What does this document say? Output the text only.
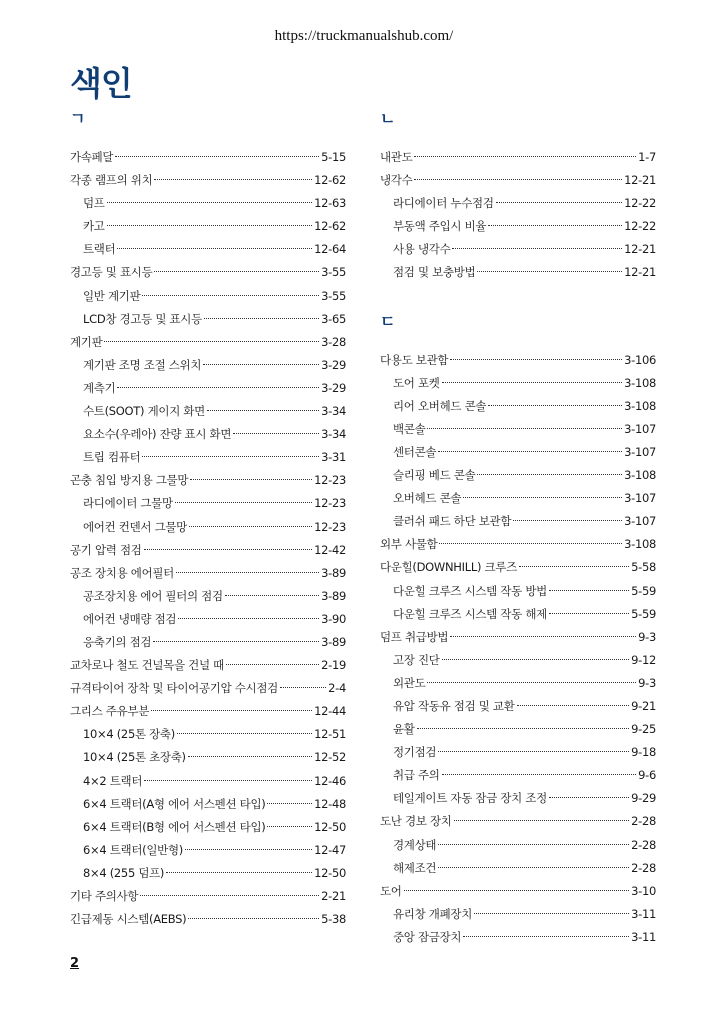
https://truckmanualshub.com/
색인
ㄱ
가속페달	5-15
각종 램프의 위치	12-62
덤프	12-63
카고	12-62
트랙터	12-64
경고등 및 표시등	3-55
일반 계기판	3-55
LCD창 경고등 및 표시등	3-65
계기판	3-28
계기판 조명 조절 스위치	3-29
계측기	3-29
수트(SOOT) 게이지 화면	3-34
요소수(우레아) 잔량 표시 화면	3-34
트립 컴퓨터	3-31
곤충 침입 방지용 그물망	12-23
라디에이터 그물망	12-23
에어컨 컨덴서 그물망	12-23
공기 압력 점검	12-42
공조 장치용 에어필터	3-89
공조장치용 에어 필터의 점검	3-89
에어컨 냉매량 점검	3-90
응축기의 점검	3-89
교차로나 철도 건널목을 건널 때	2-19
규격타이어 장착 및 타이어공기압 수시점검	2-4
그리스 주유부분	12-44
10×4 (25톤 장축)	12-51
10×4 (25톤 초장축)	12-52
4×2 트랙터	12-46
6×4 트랙터(A형 에어 서스펜션 타입)	12-48
6×4 트랙터(B형 에어 서스펜션 타입)	12-50
6×4 트랙터(일반형)	12-47
8×4 (255 덤프)	12-50
기타 주의사항	2-21
긴급제동 시스템(AEBS)	5-38
ㄴ
내관도	1-7
냉각수	12-21
라디에이터 누수점검	12-22
부동액 주입시 비율	12-22
사용 냉각수	12-21
점검 및 보충방법	12-21
ㄷ
다용도 보관함	3-106
도어 포켓	3-108
리어 오버헤드 콘솔	3-108
백콘솔	3-107
센터콘솔	3-107
슬리핑 베드 콘솔	3-108
오버헤드 콘솔	3-107
클러쉬 패드 하단 보관함	3-107
외부 사물함	3-108
다운힐(DOWNHILL) 크루즈	5-58
다운힐 크루즈 시스템 작동 방법	5-59
다운힐 크루즈 시스템 작동 해제	5-59
덤프 취급방법	9-3
고장 진단	9-12
외관도	9-3
유압 작동유 점검 및 교환	9-21
윤활	9-25
정기점검	9-18
취급 주의	9-6
테일게이트 자동 잠금 장치 조정	9-29
도난 경보 장치	2-28
경계상태	2-28
해제조건	2-28
도어	3-10
유리창 개폐장치	3-11
중앙 잠금장치	3-11
2
